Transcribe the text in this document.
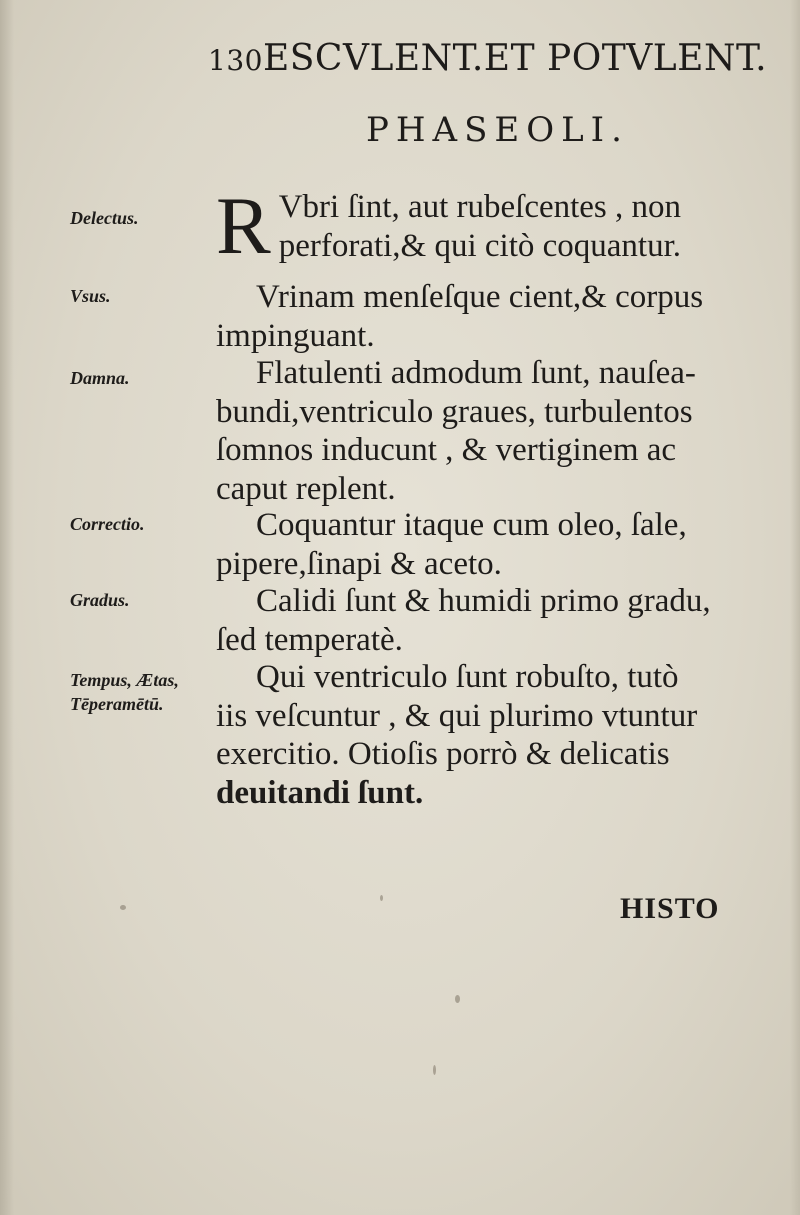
130ESCVLENT.ET POTVLENT.
PHASEOLI.
Delectus.
Vsus.
Damna.
Correctio.
Gradus.
Tempus, Ætas, Tēperamētū.
R Vbri ſint, aut rubeſcentes , non
perforati,& qui citò coquantur.
Vrinam menſeſque cient,& corpus
impinguant.
Flatulenti admodum ſunt, nauſea-
bundi,ventriculo graues, turbulentos
ſomnos inducunt , & vertiginem ac
caput replent.
Coquantur itaque cum oleo, ſale,
pipere,ſinapi & aceto.
Calidi ſunt & humidi primo gradu,
ſed temperatè.
Qui ventriculo ſunt robuſto, tutò
iis veſcuntur , & qui plurimo vtuntur
exercitio. Otioſis porrò & delicatis
deuitandi ſunt.
HISTO
